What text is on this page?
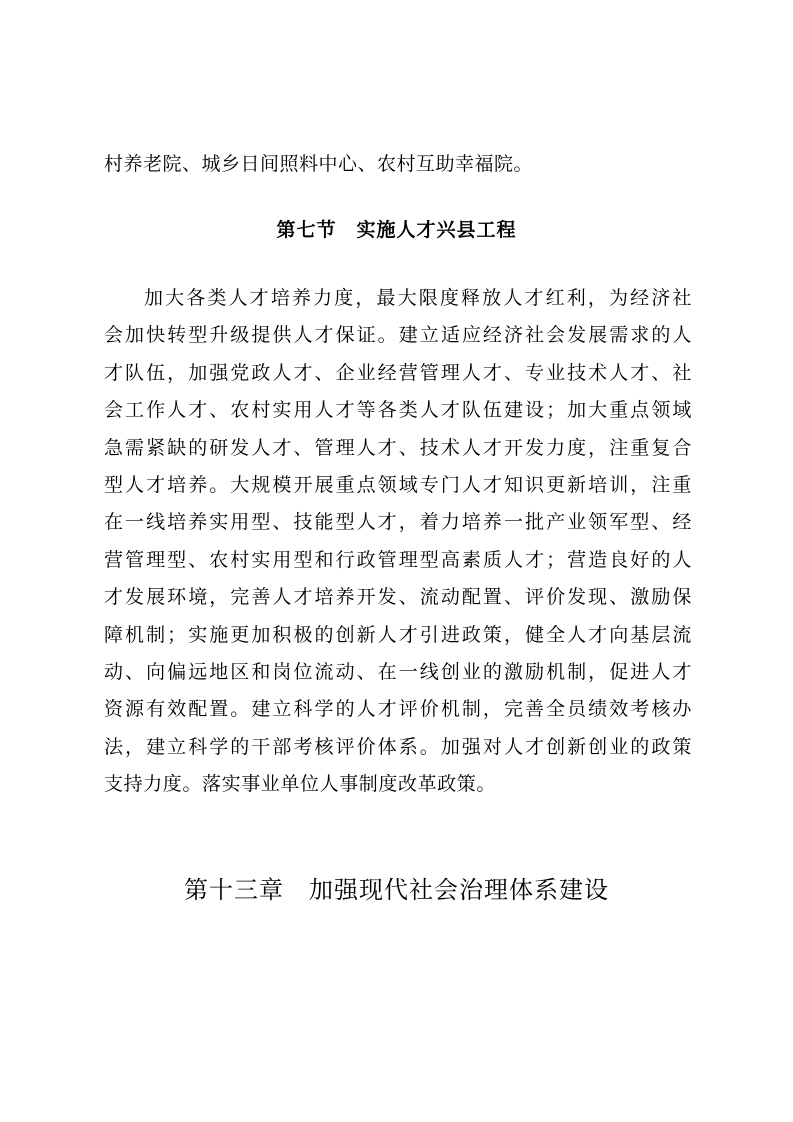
村养老院、城乡日间照料中心、农村互助幸福院。
第七节　实施人才兴县工程
加大各类人才培养力度，最大限度释放人才红利，为经济社
会加快转型升级提供人才保证。建立适应经济社会发展需求的人
才队伍，加强党政人才、企业经营管理人才、专业技术人才、社
会工作人才、农村实用人才等各类人才队伍建设；加大重点领域
急需紧缺的研发人才、管理人才、技术人才开发力度，注重复合
型人才培养。大规模开展重点领域专门人才知识更新培训，注重
在一线培养实用型、技能型人才，着力培养一批产业领军型、经
营管理型、农村实用型和行政管理型高素质人才；营造良好的人
才发展环境，完善人才培养开发、流动配置、评价发现、激励保
障机制；实施更加积极的创新人才引进政策，健全人才向基层流
动、向偏远地区和岗位流动、在一线创业的激励机制，促进人才
资源有效配置。建立科学的人才评价机制，完善全员绩效考核办
法，建立科学的干部考核评价体系。加强对人才创新创业的政策
支持力度。落实事业单位人事制度改革政策。
第十三章　加强现代社会治理体系建设
